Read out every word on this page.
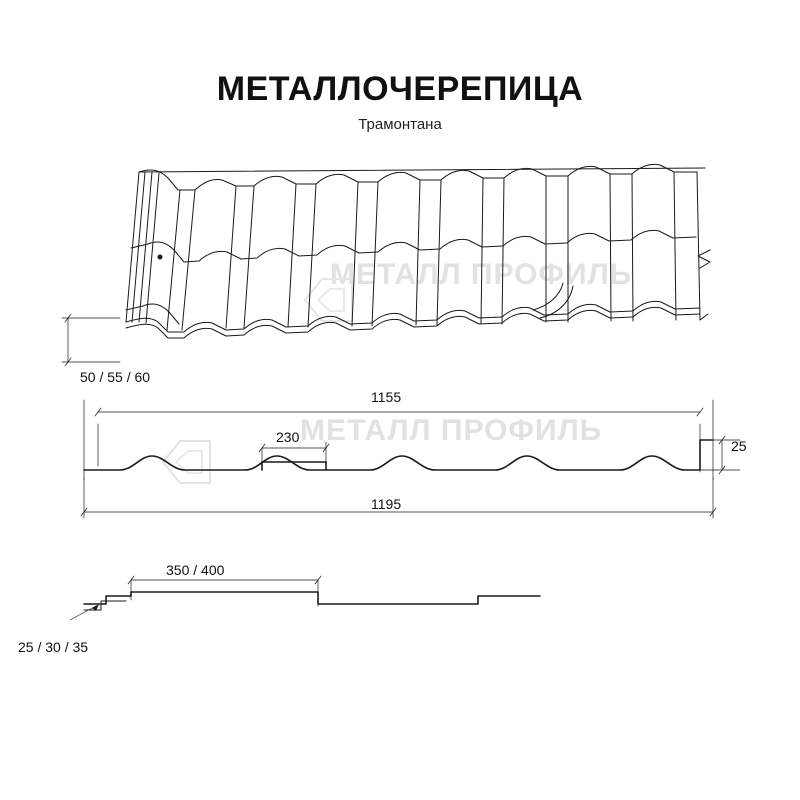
МЕТАЛЛОЧЕРЕПИЦА
Трамонтана
МЕТАЛЛ ПРОФИЛЬ
МЕТАЛЛ ПРОФИЛЬ
50 / 55 / 60
1155
230
25
1195
350 / 400
25 / 30 / 35
